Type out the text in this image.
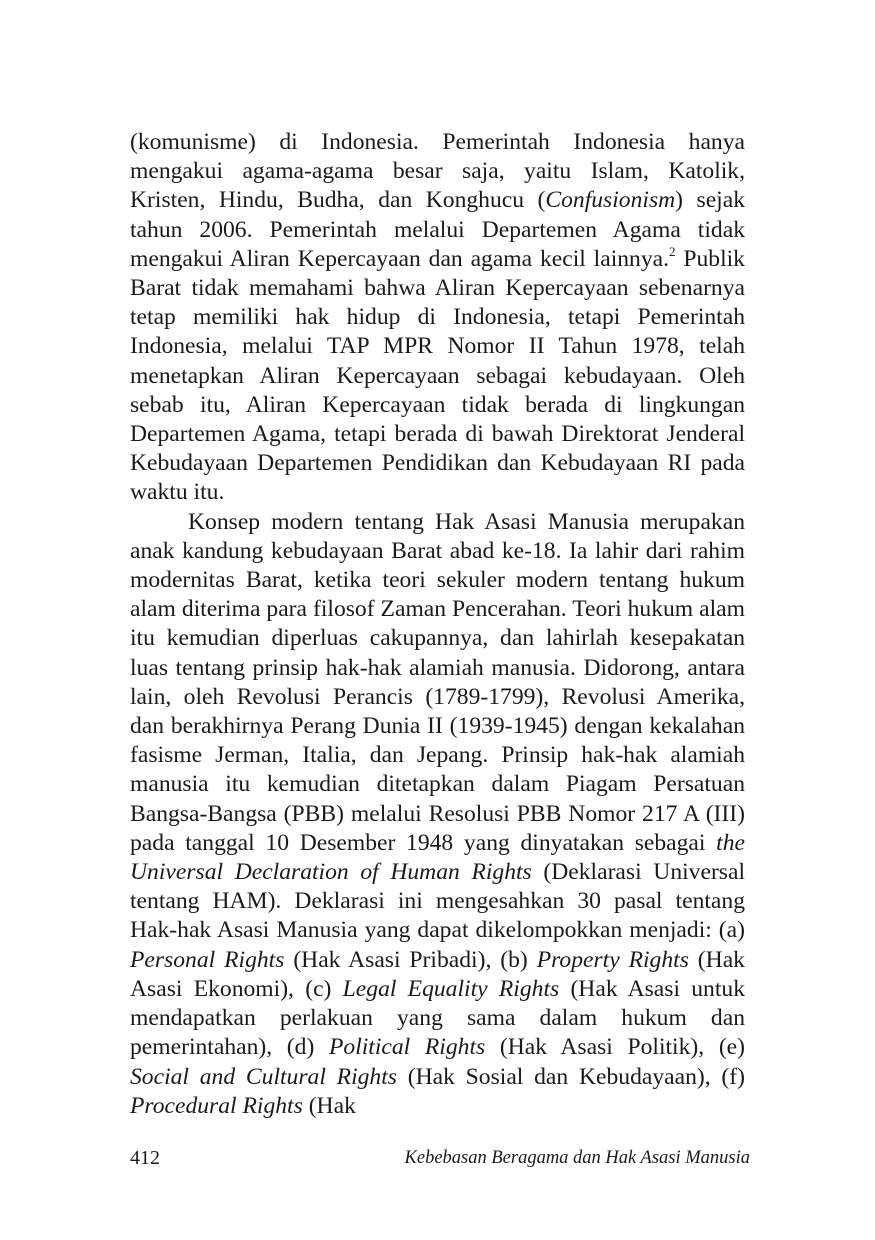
(komunisme) di Indonesia. Pemerintah Indonesia hanya mengakui agama-agama besar saja, yaitu Islam, Katolik, Kristen, Hindu, Budha, dan Konghucu (Confusionism) sejak tahun 2006. Pemerintah melalui Departemen Agama tidak mengakui Aliran Kepercayaan dan agama kecil lainnya.$^2$ Publik Barat tidak memahami bahwa Aliran Kepercayaan sebenarnya tetap memiliki hak hidup di Indonesia, tetapi Pemerintah Indonesia, melalui TAP MPR Nomor II Tahun 1978, telah menetapkan Aliran Kepercayaan sebagai kebudayaan. Oleh sebab itu, Aliran Kepercayaan tidak berada di lingkungan Departemen Agama, tetapi berada di bawah Direktorat Jenderal Kebudayaan Departemen Pendidikan dan Kebudayaan RI pada waktu itu.

Konsep modern tentang Hak Asasi Manusia merupakan anak kandung kebudayaan Barat abad ke-18. Ia lahir dari rahim modernitas Barat, ketika teori sekuler modern tentang hukum alam diterima para filosof Zaman Pencerahan. Teori hukum alam itu kemudian diperluas cakupannya, dan lahirlah kesepakatan luas tentang prinsip hak-hak alamiah manusia. Didorong, antara lain, oleh Revolusi Perancis (1789-1799), Revolusi Amerika, dan berakhirnya Perang Dunia II (1939-1945) dengan kekalahan fasisme Jerman, Italia, dan Jepang. Prinsip hak-hak alamiah manusia itu kemudian ditetapkan dalam Piagam Persatuan Bangsa-Bangsa (PBB) melalui Resolusi PBB Nomor 217 A (III) pada tanggal 10 Desember 1948 yang dinyatakan sebagai the Universal Declaration of Human Rights (Deklarasi Universal tentang HAM). Deklarasi ini mengesahkan 30 pasal tentang Hak-hak Asasi Manusia yang dapat dikelompokkan menjadi: (a) Personal Rights (Hak Asasi Pribadi), (b) Property Rights (Hak Asasi Ekonomi), (c) Legal Equality Rights (Hak Asasi untuk mendapatkan perlakuan yang sama dalam hukum dan pemerintahan), (d) Political Rights (Hak Asasi Politik), (e) Social and Cultural Rights (Hak Sosial dan Kebudayaan), (f) Procedural Rights (Hak

412	Kebebasan Beragama dan Hak Asasi Manusia
